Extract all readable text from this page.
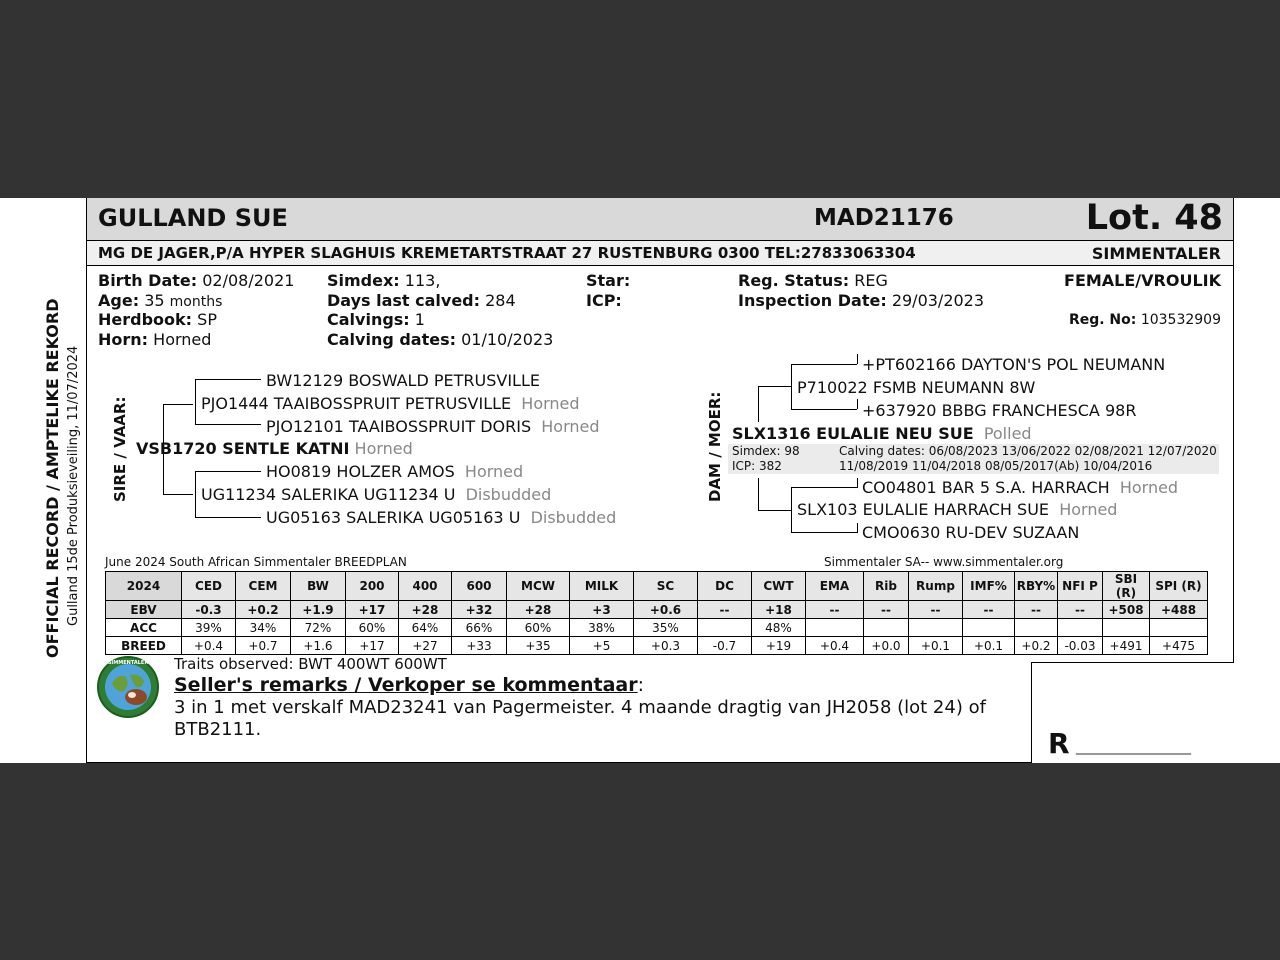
GULLAND SUE	MAD21176	Lot. 48
MG DE JAGER,P/A HYPER SLAGHUIS KREMETARTSTRAAT 27 RUSTENBURG 0300 TEL:27833063304	SIMMENTALER
OFFICIAL RECORD / AMPTELIKE REKORD Gulland 15de Produksieveiling, 11/07/2024
Birth Date: 02/08/2021
Age: 35 months
Herdbook: SP
Horn: Horned
Simdex: 113,
Days last calved: 284
Calvings: 1
Calving dates: 01/10/2023
Star:
ICP:
Reg. Status: REG
Inspection Date: 29/03/2023
FEMALE/VROULIK
Reg. No: 103532909
SIRE / VAAR:
BW12129 BOSWALD PETRUSVILLE
PJO1444 TAAIBOSSPRUIT PETRUSVILLE Horned
PJO12101 TAAIBOSSPRUIT DORIS Horned
VSB1720 SENTLE KATNI Horned
HO0819 HOLZER AMOS Horned
UG11234 SALERIKA UG11234 U Disbudded
UG05163 SALERIKA UG05163 U Disbudded
DAM / MOER:
+PT602166 DAYTON'S POL NEUMANN
P710022 FSMB NEUMANN 8W
+637920 BBBG FRANCHESCA 98R
SLX1316 EULALIE NEU SUE Polled
Simdex: 98
ICP: 382
Calving dates: 06/08/2023 13/06/2022 02/08/2021 12/07/2020
11/08/2019 11/04/2018 08/05/2017(Ab) 10/04/2016
CO04801 BAR 5 S.A. HARRACH Horned
SLX103 EULALIE HARRACH SUE Horned
CMO0630 RU-DEV SUZAAN
June 2024 South African Simmentaler BREEDPLAN	Simmentaler SA-- www.simmentaler.org
2024	CED	CEM	BW	200	400	600	MCW	MILK	SC	DC	CWT	EMA	Rib	Rump	IMF%	RBY%	NFI P	SBI (R)	SPI (R)
EBV	-0.3	+0.2	+1.9	+17	+28	+32	+28	+3	+0.6	--	+18	--	--	--	--	--	--	+508	+488
ACC	39%	34%	72%	60%	64%	66%	60%	38%	35%		48%								
BREED	+0.4	+0.7	+1.6	+17	+27	+33	+35	+5	+0.3	-0.7	+19	+0.4	+0.0	+0.1	+0.1	+0.2	-0.03	+491	+475
SIMMENTALER Traits observed: BWT 400WT 600WT
Seller's remarks / Verkoper se kommentaar:
3 in 1 met verskalf MAD23241 van Pagermeister. 4 maande dragtig van JH2058 (lot 24) of
BTB2111.	R ___________________
